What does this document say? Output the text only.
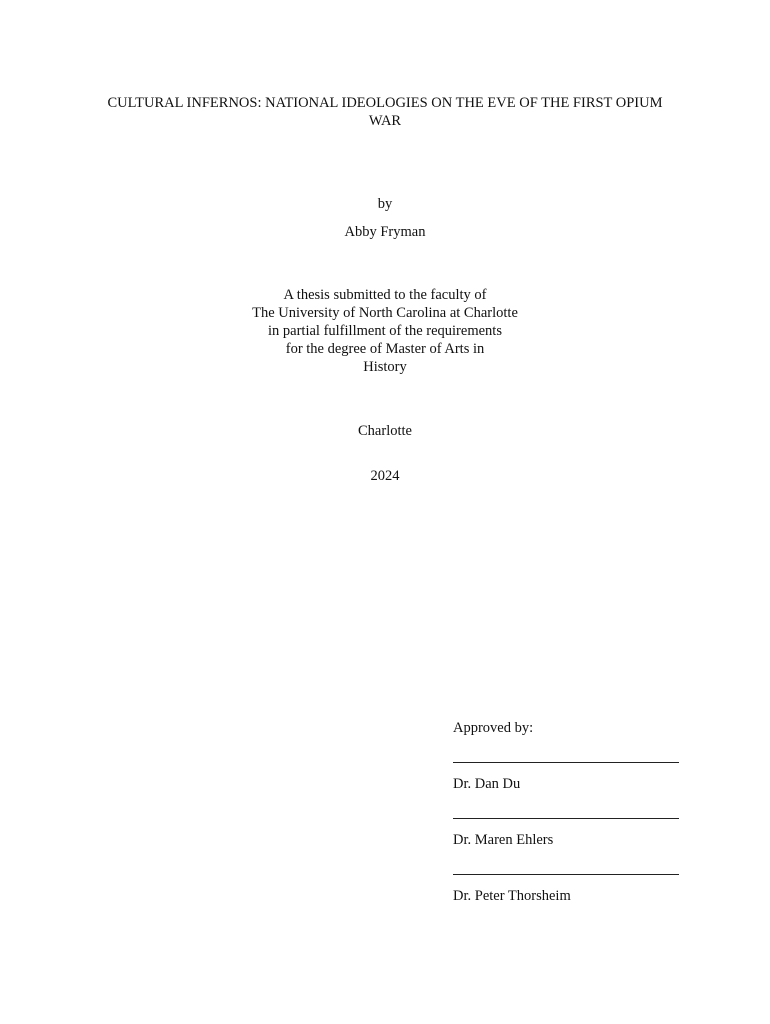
CULTURAL INFERNOS: NATIONAL IDEOLOGIES ON THE EVE OF THE FIRST OPIUM
WAR
by
Abby Fryman
A thesis submitted to the faculty of
The University of North Carolina at Charlotte
in partial fulfillment of the requirements
for the degree of Master of Arts in
History
Charlotte
2024
Approved by:
Dr. Dan Du
Dr. Maren Ehlers
Dr. Peter Thorsheim
